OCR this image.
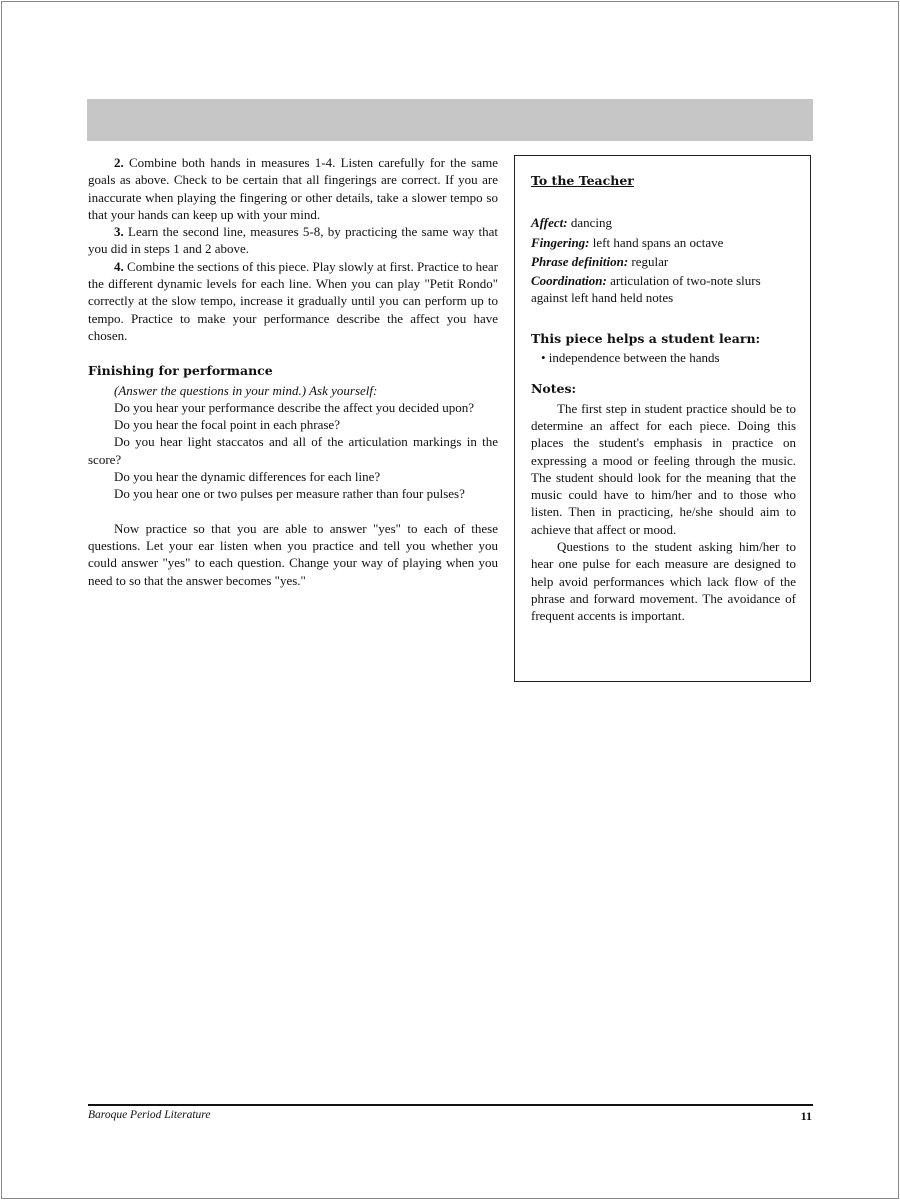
2. Combine both hands in measures 1-4. Listen carefully for the same goals as above. Check to be certain that all fingerings are correct. If you are inaccurate when playing the fingering or other details, take a slower tempo so that your hands can keep up with your mind.

3. Learn the second line, measures 5-8, by practicing the same way that you did in steps 1 and 2 above.

4. Combine the sections of this piece. Play slowly at first. Practice to hear the different dynamic levels for each line. When you can play "Petit Rondo" correctly at the slow tempo, increase it gradually until you can perform up to tempo. Practice to make your performance describe the affect you have chosen.

Finishing for performance

(Answer the questions in your mind.) Ask yourself:

Do you hear your performance describe the affect you decided upon?

Do you hear the focal point in each phrase?

Do you hear light staccatos and all of the articulation markings in the score?

Do you hear the dynamic differences for each line?

Do you hear one or two pulses per measure rather than four pulses?

Now practice so that you are able to answer "yes" to each of these questions. Let your ear listen when you practice and tell you whether you could answer "yes" to each question. Change your way of playing when you need to so that the answer becomes "yes."

To the Teacher
Affect: dancing
Fingering: left hand spans an octave
Phrase definition: regular
Coordination: articulation of two-note slurs against left hand held notes
This piece helps a student learn:
• independence between the hands
Notes:

The first step in student practice should be to determine an affect for each piece. Doing this places the student's emphasis in practice on expressing a mood or feeling through the music. The student should look for the meaning that the music could have to him/her and to those who listen. Then in practicing, he/she should aim to achieve that affect or mood.

Questions to the student asking him/her to hear one pulse for each measure are designed to help avoid performances which lack flow of the phrase and forward movement. The avoidance of frequent accents is important.

Baroque Period Literature	11
